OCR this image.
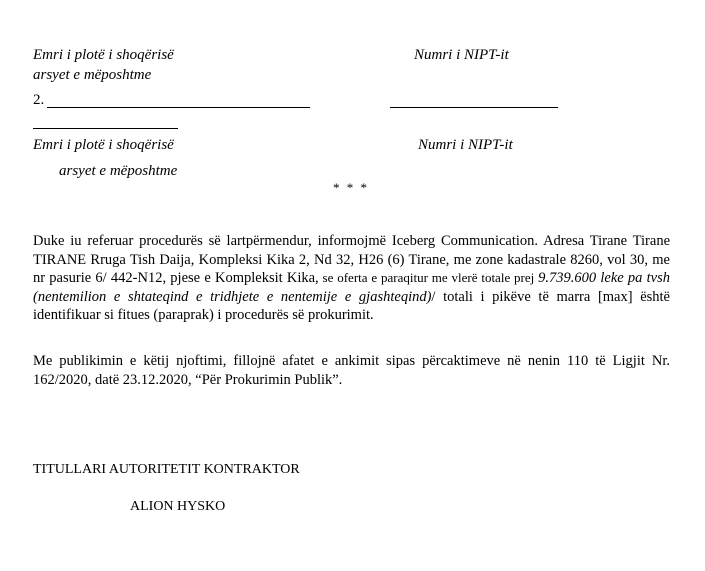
Emri i plotë i shoqërisë
arsyet e mëposhtme
Numri i NIPT-it
2.
Emri i plotë i shoqërisë	Numri i NIPT-it
arsyet e mëposhtme
* * *
Duke iu referuar procedurës së lartpërmendur, informojmë Iceberg Communication. Adresa Tirane Tirane TIRANE Rruga Tish Daija, Kompleksi Kika 2, Nd 32, H26 (6) Tirane, me zone kadastrale 8260, vol 30, me nr pasurie 6/ 442-N12, pjese e Kompleksit Kika, se oferta e paraqitur me vlerë totale prej 9.739.600 leke pa tvsh (nentemilion e shtateqind e tridhjete e nentemije e gjashteqind)/ totali i pikëve të marra [max] është identifikuar si fitues (paraprak) i procedurës së prokurimit.
Me publikimin e këtij njoftimi, fillojnë afatet e ankimit sipas përcaktimeve në nenin 110 të Ligjit Nr. 162/2020, datë 23.12.2020, “Për Prokurimin Publik”.
TITULLARI AUTORITETIT KONTRAKTOR
ALION HYSKO
